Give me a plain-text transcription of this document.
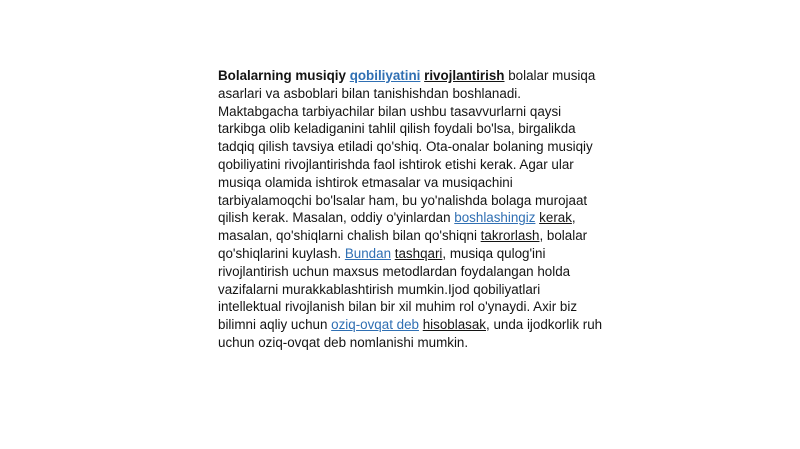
Bolalarning musiqiy qobiliyatini rivojlantirish bolalar musiqa asarlari va asboblari bilan tanishishdan boshlanadi. Maktabgacha tarbiyachilar bilan ushbu tasavvurlarni qaysi tarkibga olib keladiganini tahlil qilish foydali bo'lsa, birgalikda tadqiq qilish tavsiya etiladi qo'shiq. Ota-onalar bolaning musiqiy qobiliyatini rivojlantirishda faol ishtirok etishi kerak. Agar ular musiqa olamida ishtirok etmasalar va musiqachini tarbiyalamoqchi bo'lsalar ham, bu yo'nalishda bolaga murojaat qilish kerak. Masalan, oddiy o'yinlardan boshlashingiz kerak, masalan, qo'shiqlarni chalish bilan qo'shiqni takrorlash, bolalar qo'shiqlarini kuylash. Bundan tashqari, musiqa qulog'ini rivojlantirish uchun maxsus metodlardan foydalangan holda vazifalarni murakkablashtirish mumkin.Ijod qobiliyatlari intellektual rivojlanish bilan bir xil muhim rol o'ynaydi. Axir biz bilimni aqliy uchun oziq-ovqat deb hisoblasak, unda ijodkorlik ruh uchun oziq-ovqat deb nomlanishi mumkin.
